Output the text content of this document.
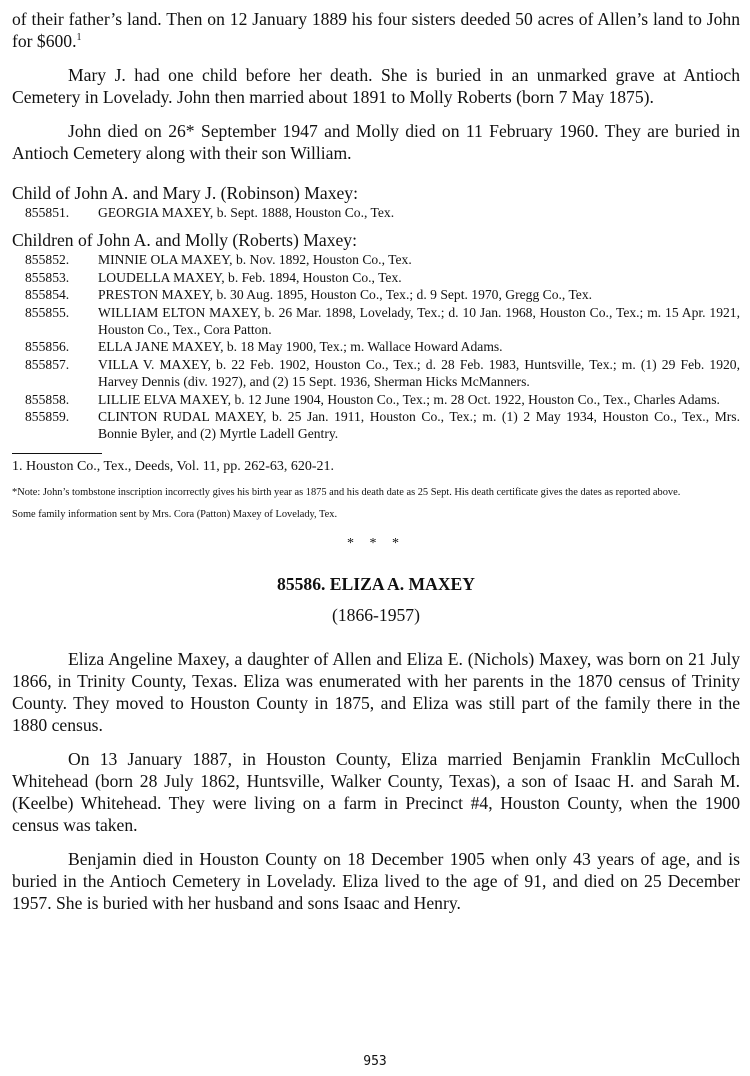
of their father’s land. Then on 12 January 1889 his four sisters deeded 50 acres of Allen’s land to John for $600.$^1$

Mary J. had one child before her death. She is buried in an unmarked grave at Antioch Cemetery in Lovelady. John then married about 1891 to Molly Roberts (born 7 May 1875).

John died on 26* September 1947 and Molly died on 11 February 1960. They are buried in Antioch Cemetery along with their son William.

Child of John A. and Mary J. (Robinson) Maxey:
855851.	GEORGIA MAXEY, b. Sept. 1888, Houston Co., Tex.
Children of John A. and Molly (Roberts) Maxey:
855852.	MINNIE OLA MAXEY, b. Nov. 1892, Houston Co., Tex.
855853.	LOUDELLA MAXEY, b. Feb. 1894, Houston Co., Tex.
855854.	PRESTON MAXEY, b. 30 Aug. 1895, Houston Co., Tex.; d. 9 Sept. 1970, Gregg Co., Tex.
855855.	WILLIAM ELTON MAXEY, b. 26 Mar. 1898, Lovelady, Tex.; d. 10 Jan. 1968, Houston Co., Tex.; m. 15 Apr. 1921, Houston Co., Tex., Cora Patton.
855856.	ELLA JANE MAXEY, b. 18 May 1900, Tex.; m. Wallace Howard Adams.
855857.	VILLA V. MAXEY, b. 22 Feb. 1902, Houston Co., Tex.; d. 28 Feb. 1983, Huntsville, Tex.; m. (1) 29 Feb. 1920, Harvey Dennis (div. 1927), and (2) 15 Sept. 1936, Sherman Hicks McManners.
855858.	LILLIE ELVA MAXEY, b. 12 June 1904, Houston Co., Tex.; m. 28 Oct. 1922, Houston Co., Tex., Charles Adams.
855859.	CLINTON RUDAL MAXEY, b. 25 Jan. 1911, Houston Co., Tex.; m. (1) 2 May 1934, Houston Co., Tex., Mrs. Bonnie Byler, and (2) Myrtle Ladell Gentry.

1. Houston Co., Tex., Deeds, Vol. 11, pp. 262-63, 620-21.

*Note: John’s tombstone inscription incorrectly gives his birth year as 1875 and his death date as 25 Sept. His death certificate gives the dates as reported above.

Some family information sent by Mrs. Cora (Patton) Maxey of Lovelady, Tex.

* * *
85586. ELIZA A. MAXEY
(1866-1957)

Eliza Angeline Maxey, a daughter of Allen and Eliza E. (Nichols) Maxey, was born on 21 July 1866, in Trinity County, Texas. Eliza was enumerated with her parents in the 1870 census of Trinity County. They moved to Houston County in 1875, and Eliza was still part of the family there in the 1880 census.

On 13 January 1887, in Houston County, Eliza married Benjamin Franklin McCulloch Whitehead (born 28 July 1862, Huntsville, Walker County, Texas), a son of Isaac H. and Sarah M. (Keelbe) Whitehead. They were living on a farm in Precinct #4, Houston County, when the 1900 census was taken.

Benjamin died in Houston County on 18 December 1905 when only 43 years of age, and is buried in the Antioch Cemetery in Lovelady. Eliza lived to the age of 91, and died on 25 December 1957. She is buried with her husband and sons Isaac and Henry.

953
